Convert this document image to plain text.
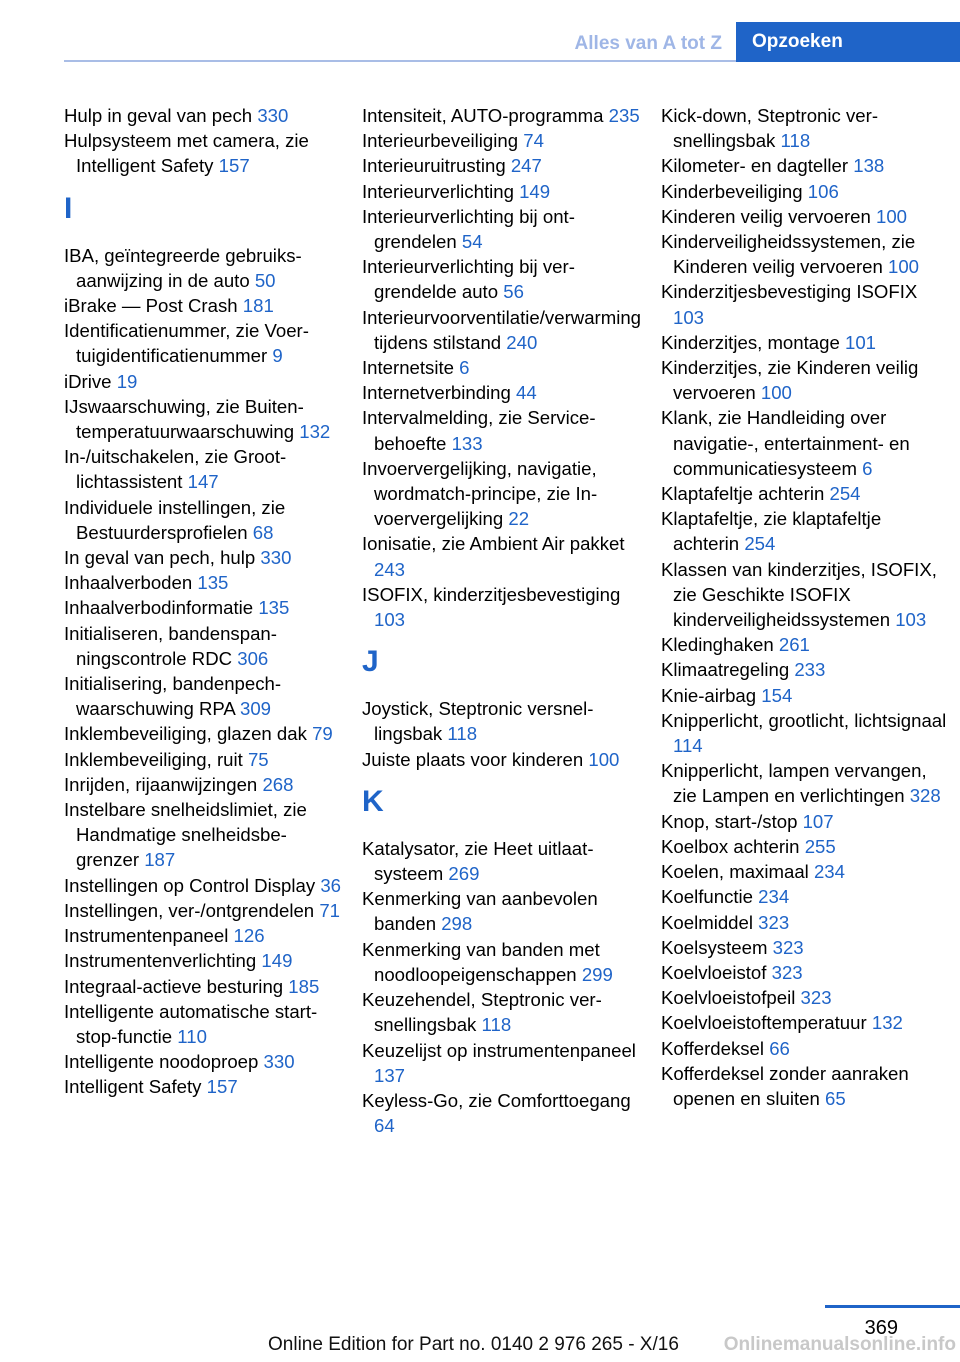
Alles van A tot Z	Opzoeken

Hulp in geval van pech 330

Hulpsysteem met camera, zie Intelligent Safety 157

I

IBA, geïntegreerde gebruiksaanwijzing in de auto 50

iBrake — Post Crash 181

Identificatienummer, zie Voertuigidentificatienummer 9

iDrive 19

IJswaarschuwing, zie Buitentemperatuurwaarschuwing 132

In-/uitschakelen, zie Grootlichtassistent 147

Individuele instellingen, zie Bestuurdersprofielen 68

In geval van pech, hulp 330

Inhaalverboden 135

Inhaalverbodinformatie 135

Initialiseren, bandenspanningscontrole RDC 306

Initialisering, bandenpechwaarschuwing RPA 309

Inklembeveiliging, glazen dak 79

Inklembeveiliging, ruit 75

Inrijden, rijaanwijzingen 268

Instelbare snelheidslimiet, zie Handmatige snelheidsbegrenzer 187

Instellingen op Control Display 36

Instellingen, ver-/ontgrendelen 71

Instrumentenpaneel 126

Instrumentenverlichting 149

Integraal-actieve besturing 185

Intelligente automatische start-stop-functie 110

Intelligente noodoproep 330

Intelligent Safety 157

Intensiteit, AUTO-programma 235

Interieurbeveiliging 74

Interieuruitrusting 247

Interieurverlichting 149

Interieurverlichting bij ontgrendelen 54

Interieurverlichting bij vergrendelde auto 56

Interieurvoorventilatie/verwarming tijdens stilstand 240

Internetsite 6

Internetverbinding 44

Intervalmelding, zie Servicebehoefte 133

Invoervergelijking, navigatie, wordmatch-principe, zie Invoervergelijking 22

Ionisatie, zie Ambient Air pakket 243

ISOFIX, kinderzitjesbevestiging 103

J

Joystick, Steptronic versnellingsbak 118

Juiste plaats voor kinderen 100

K

Katalysator, zie Heet uitlaatsysteem 269

Kenmerking van aanbevolen banden 298

Kenmerking van banden met noodloopeigenschappen 299

Keuzehendel, Steptronic versnellingsbak 118

Keuzelijst op instrumentenpaneel 137

Keyless-Go, zie Comforttoegang 64

Kick-down, Steptronic versnellingsbak 118

Kilometer- en dagteller 138

Kinderbeveiliging 106

Kinderen veilig vervoeren 100

Kinderveiligheidssystemen, zie Kinderen veilig vervoeren 100

Kinderzitjesbevestiging ISOFIX 103

Kinderzitjes, montage 101

Kinderzitjes, zie Kinderen veilig vervoeren 100

Klank, zie Handleiding over navigatie-, entertainment- en communicatiesysteem 6

Klaptafeltje achterin 254

Klaptafeltje, zie klaptafeltje achterin 254

Klassen van kinderzitjes, ISOFIX, zie Geschikte ISOFIX kinderveiligheidssystemen 103

Kledinghaken 261

Klimaatregeling 233

Knie-airbag 154

Knipperlicht, grootlicht, lichtsignaal 114

Knipperlicht, lampen vervangen, zie Lampen en verlichtingen 328

Knop, start-/stop 107

Koelbox achterin 255

Koelen, maximaal 234

Koelfunctie 234

Koelmiddel 323

Koelsysteem 323

Koelvloeistof 323

Koelvloeistofpeil 323

Koelvloeistoftemperatuur 132

Kofferdeksel 66

Kofferdeksel zonder aanraken openen en sluiten 65

369
Online Edition for Part no. 0140 2 976 265 - X/16 Onlinemanualsonline.info
